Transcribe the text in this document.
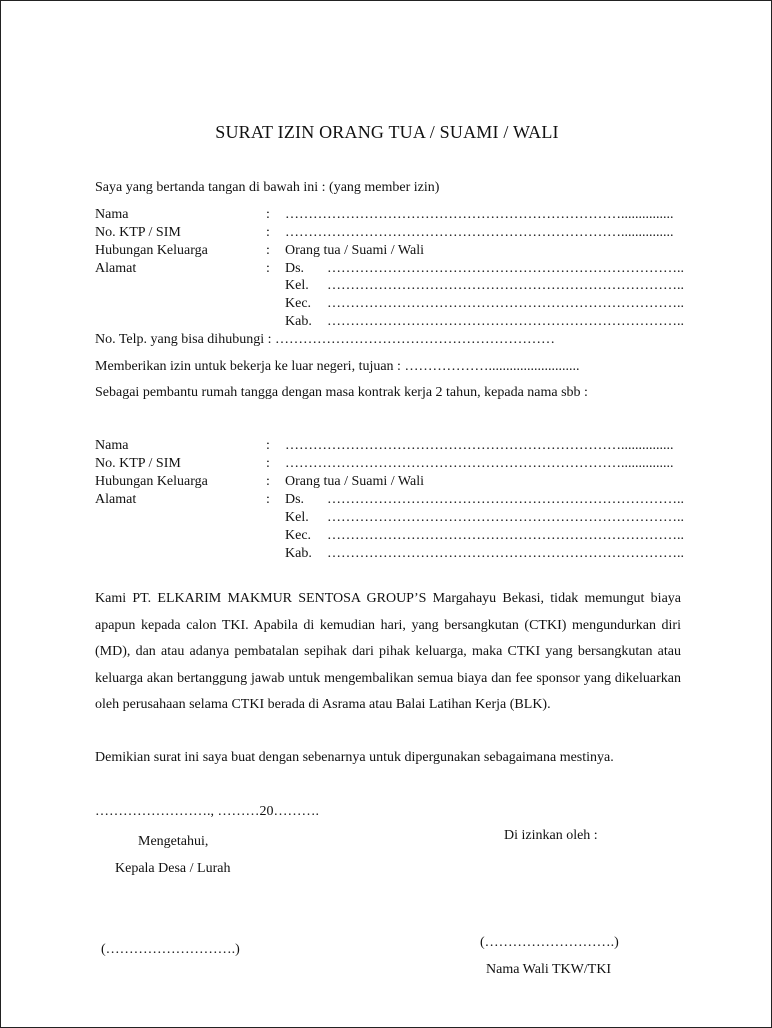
SURAT IZIN ORANG TUA / SUAMI / WALI
Saya yang bertanda tangan di bawah ini : (yang member izin)
Nama	: ………………………………………………………………...............
No. KTP / SIM	: ………………………………………………………………...............
Hubungan Keluarga	: Orang tua / Suami / Wali
Alamat	: Ds. …………………………………………………………………..
Kel. …………………………………………………………………..
Kec. …………………………………………………………………..
Kab. …………………………………………………………………..
No. Telp. yang bisa dihubungi : ……………………………………………………
Memberikan izin untuk bekerja ke luar negeri, tujuan : ………………..........................
Sebagai pembantu rumah tangga dengan masa kontrak kerja 2 tahun, kepada nama sbb :
Nama	: ………………………………………………………………...............
No. KTP / SIM	: ………………………………………………………………...............
Hubungan Keluarga	: Orang tua / Suami / Wali
Alamat	: Ds. …………………………………………………………………..
Kel. …………………………………………………………………..
Kec. …………………………………………………………………..
Kab. …………………………………………………………………..
Kami PT. ELKARIM MAKMUR SENTOSA GROUP’S Margahayu Bekasi, tidak memungut biaya apapun kepada calon TKI. Apabila di kemudian hari, yang bersangkutan (CTKI) mengundurkan diri (MD), dan atau adanya pembatalan sepihak dari pihak keluarga, maka CTKI yang bersangkutan atau keluarga akan bertanggung jawab untuk mengembalikan semua biaya dan fee sponsor yang dikeluarkan oleh perusahaan selama CTKI berada di Asrama atau Balai Latihan Kerja (BLK).
Demikian surat ini saya buat dengan sebenarnya untuk dipergunakan sebagaimana mestinya.
……………………., ………20……….
Mengetahui,
Kepala Desa / Lurah
(……………………….)
Di izinkan oleh :
(……………………….)
Nama Wali TKW/TKI
